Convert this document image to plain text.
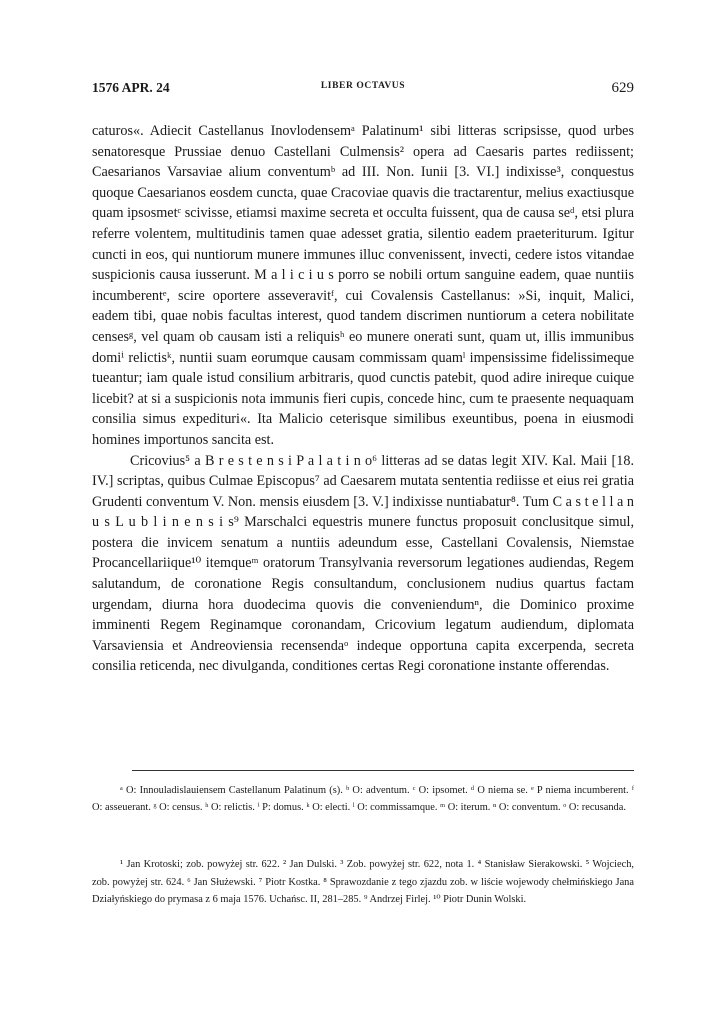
1576 APR. 24	LIBER OCTAVUS	629

caturos«. Adiecit Castellanus Inovlodensemᵃ Palatinum¹ sibi litteras scripsisse, quod urbes senatoresque Prussiae denuo Castellani Culmensis² opera ad Caesaris partes rediissent; Caesarianos Varsaviae alium conventumᵇ ad III. Non. Iunii [3. VI.] indixisse³, conquestus quoque Caesarianos eosdem cuncta, quae Cracoviae quavis die tractarentur, melius exactiusque quam ipsosmetᶜ scivisse, etiamsi maxime secreta et occulta fuissent, qua de causa seᵈ, etsi plura referre volentem, multitudinis tamen quae adesset gratia, silentio eadem praeteriturum. Igitur cuncti in eos, qui nuntiorum munere immunes illuc convenissent, invecti, cedere istos vitandae suspicionis causa iusserunt. M a l i c i u s porro se nobili ortum sanguine eadem, quae nuntiis incumberentᵉ, scire oportere asseveravitᶠ, cui Covalensis Castellanus: »Si, inquit, Malici, eadem tibi, quae nobis facultas interest, quod tandem discrimen nuntiorum a cetera nobilitate censesᵍ, vel quam ob causam isti a reliquisʰ eo munere onerati sunt, quam ut, illis immunibus domiⁱ relictisᵏ, nuntii suam eorumque causam commissam quamˡ impensissime fidelissimeque tueantur; iam quale istud consilium arbitraris, quod cunctis patebit, quod adire inireque cuique licebit? at si a suspicionis nota immunis fieri cupis, concede hinc, cum te praesente nequaquam consilia simus expedituri«. Ita Malicio ceterisque similibus exeuntibus, poena in eiusmodi homines importunos sancita est.

Cricovius⁵ a B r e s t e n s i P a l a t i n o⁶ litteras ad se datas legit XIV. Kal. Maii [18. IV.] scriptas, quibus Culmae Episcopus⁷ ad Caesarem mutata sententia rediisse et eius rei gratia Grudenti conventum V. Non. mensis eiusdem [3. V.] indixisse nuntiabatur⁸. Tum C a s t e l l a n u s L u b l i n e n s i s⁹ Marschalci equestris munere functus proposuit conclusitque simul, postera die invicem senatum a nuntiis adeundum esse, Castellani Covalensis, Niemstae Procancellariique¹⁰ itemqueᵐ oratorum Transylvania reversorum legationes audiendas, Regem salutandum, de coronatione Regis consultandum, conclusionem nudius quartus factam urgendam, diurna hora duodecima quovis die conveniendumⁿ, die Dominico proxime imminenti Regem Reginamque coronandam, Cricovium legatum audiendum, diplomata Varsaviensia et Andreoviensia recensendaᵒ indeque opportuna capita excerpenda, secreta consilia reticenda, nec divulganda, conditiones certas Regi coronatione instante offerendas.

ᵃ O: Innouladislauiensem Castellanum Palatinum (s). ᵇ O: adventum. ᶜ O: ipsomet. ᵈ O niema se. ᵉ P niema incumberent. ᶠ O: asseuerant. ᵍ O: census. ʰ O: relictis. ⁱ P: domus. ᵏ O: electi. ˡ O: commissamque. ᵐ O: iterum. ⁿ O: conventum. ᵒ O: recusanda.

¹ Jan Krotoski; zob. powyżej str. 622. ² Jan Dulski. ³ Zob. powyżej str. 622, nota 1. ⁴ Stanisław Sierakowski. ⁵ Wojciech, zob. powyżej str. 624. ⁶ Jan Służewski. ⁷ Piotr Kostka. ⁸ Sprawozdanie z tego zjazdu zob. w liście wojewody chełmińskiego Jana Działyńskiego do prymasa z 6 maja 1576. Uchańsc. II, 281–285. ⁹ Andrzej Firlej. ¹⁰ Piotr Dunin Wolski.
